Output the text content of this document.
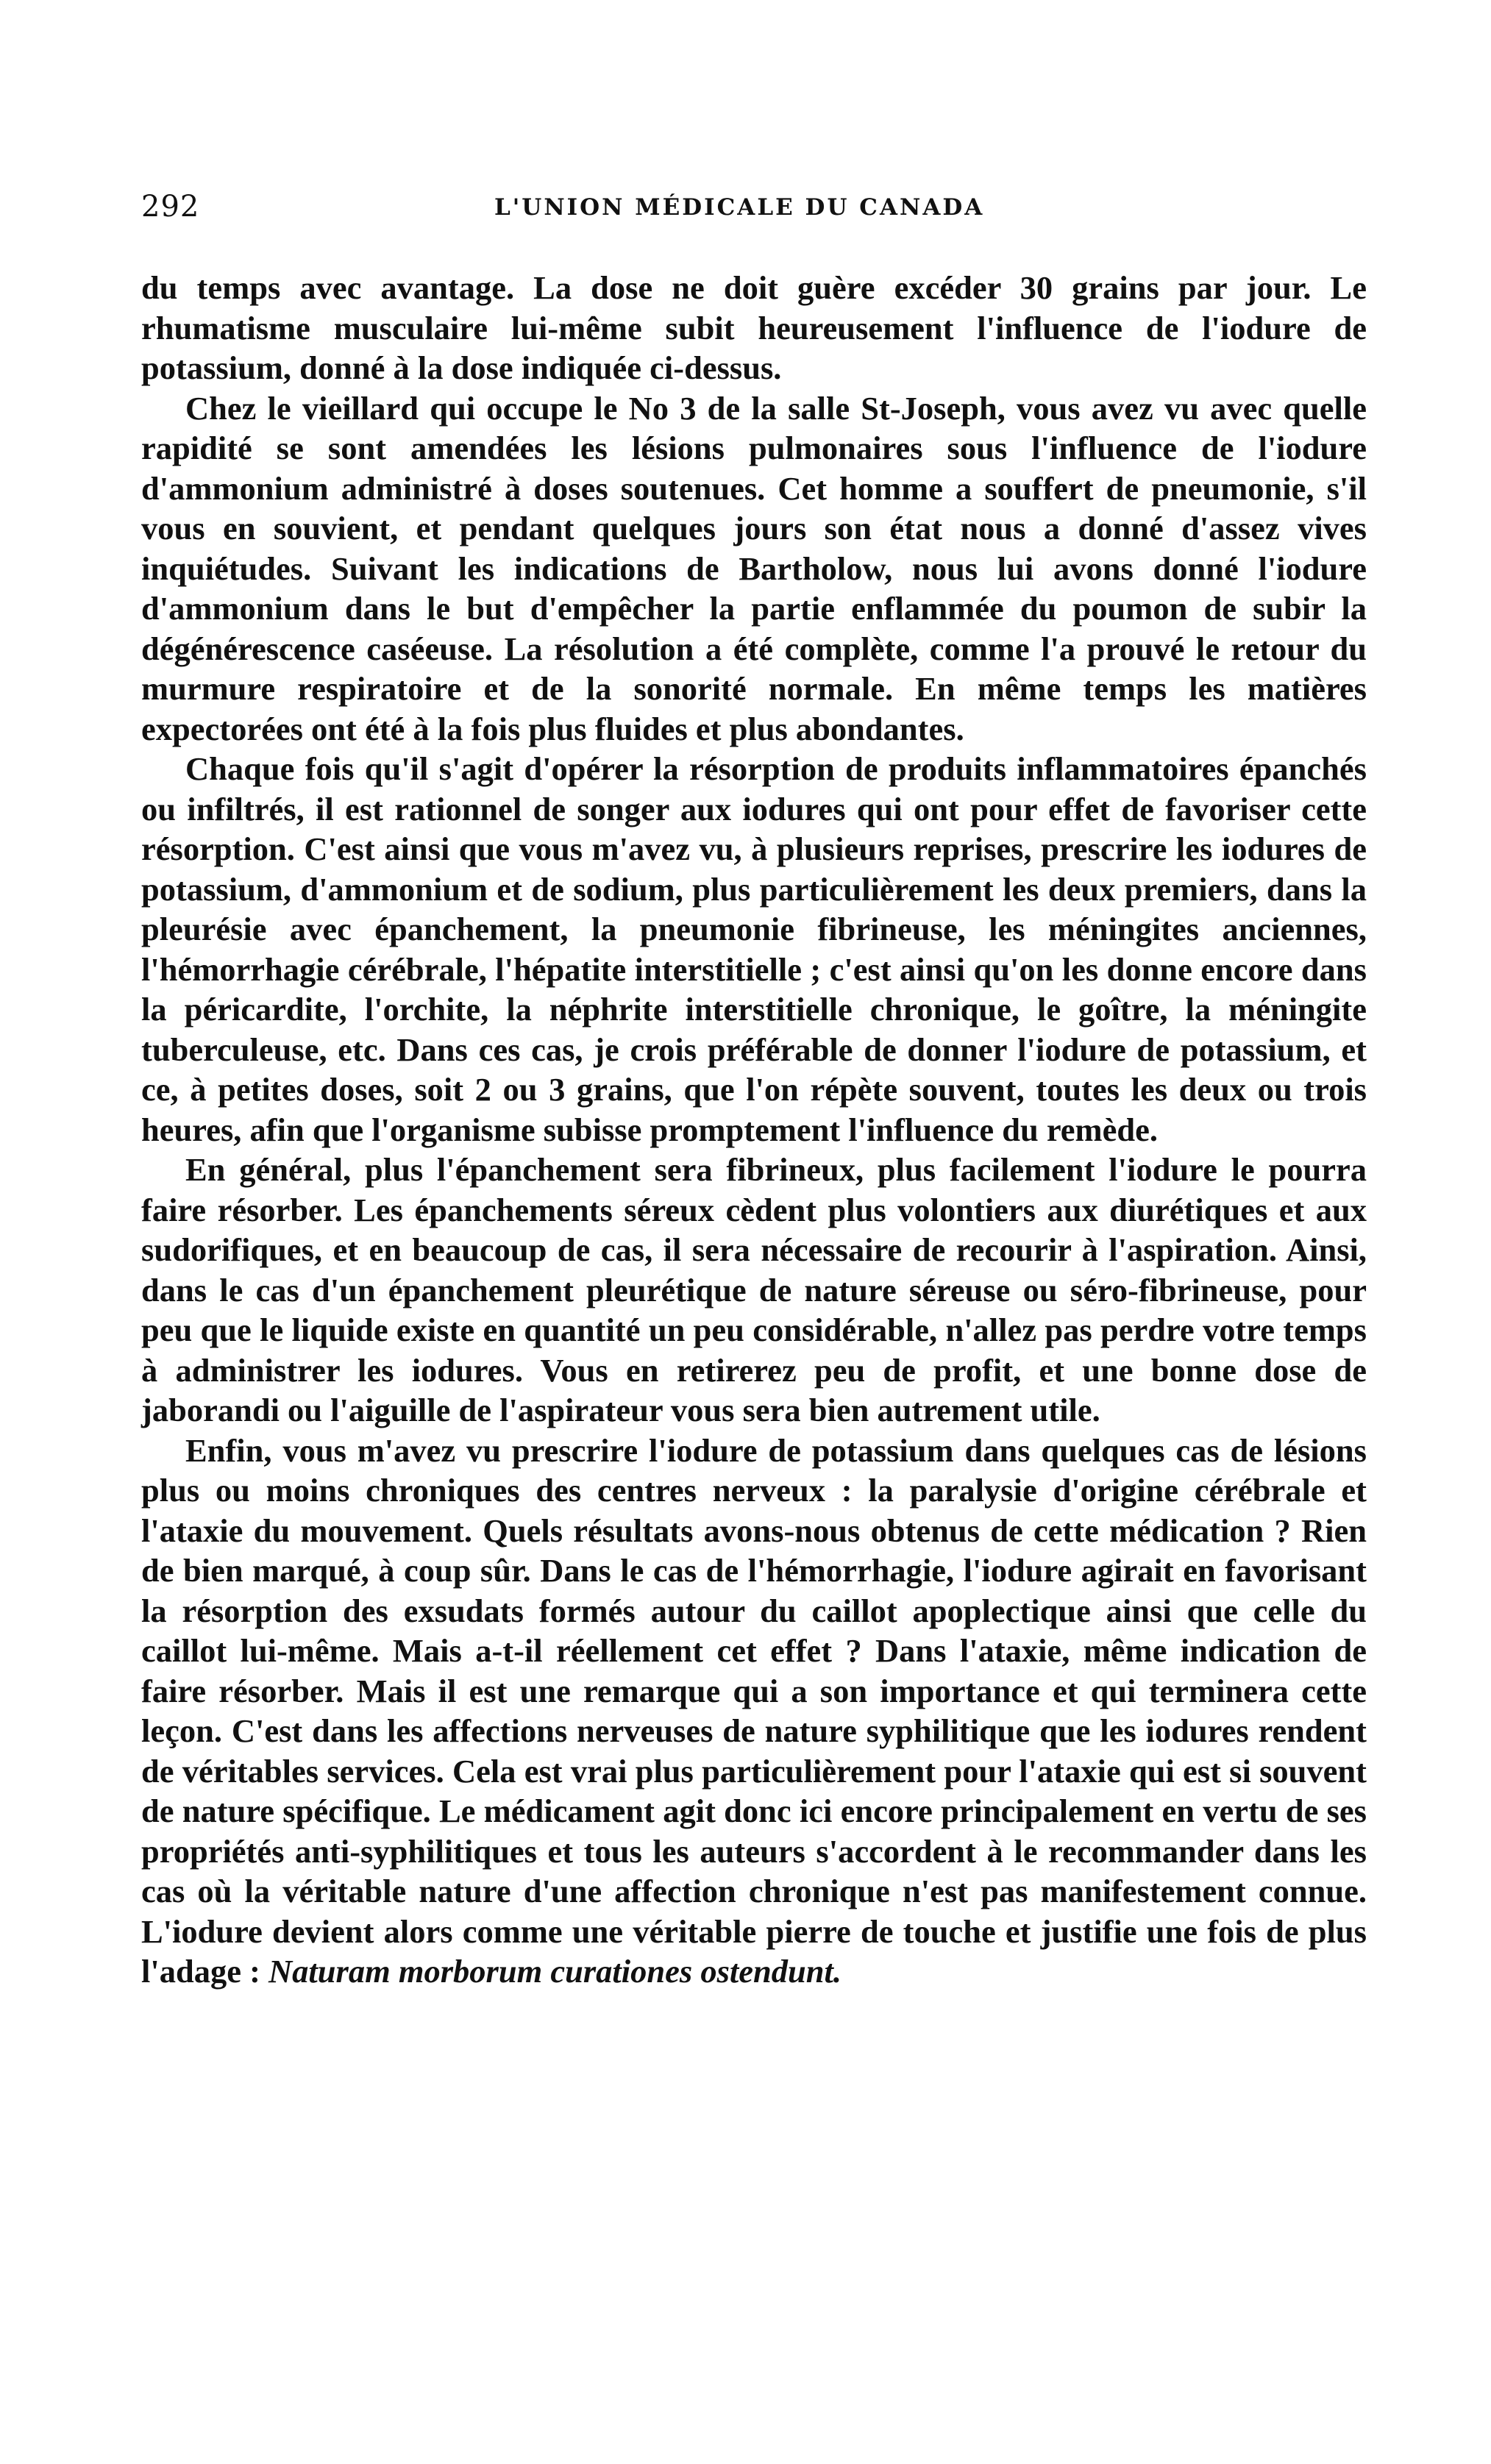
292	L'UNION MÉDICALE DU CANADA

du temps avec avantage. La dose ne doit guère excéder 30 grains par jour. Le rhumatisme musculaire lui-même subit heureusement l'influence de l'iodure de potassium, donné à la dose indiquée ci-dessus.

Chez le vieillard qui occupe le No 3 de la salle St-Joseph, vous avez vu avec quelle rapidité se sont amendées les lésions pulmonaires sous l'influence de l'iodure d'ammonium administré à doses soutenues. Cet homme a souffert de pneumonie, s'il vous en souvient, et pendant quelques jours son état nous a donné d'assez vives inquiétudes. Suivant les indications de Bartholow, nous lui avons donné l'iodure d'ammonium dans le but d'empêcher la partie enflammée du poumon de subir la dégénérescence caséeuse. La résolution a été complète, comme l'a prouvé le retour du murmure respiratoire et de la sonorité normale. En même temps les matières expectorées ont été à la fois plus fluides et plus abondantes.

Chaque fois qu'il s'agit d'opérer la résorption de produits inflammatoires épanchés ou infiltrés, il est rationnel de songer aux iodures qui ont pour effet de favoriser cette résorption. C'est ainsi que vous m'avez vu, à plusieurs reprises, prescrire les iodures de potassium, d'ammonium et de sodium, plus particulièrement les deux premiers, dans la pleurésie avec épanchement, la pneumonie fibrineuse, les méningites anciennes, l'hémorrhagie cérébrale, l'hépatite interstitielle ; c'est ainsi qu'on les donne encore dans la péricardite, l'orchite, la néphrite interstitielle chronique, le goître, la méningite tuberculeuse, etc. Dans ces cas, je crois préférable de donner l'iodure de potassium, et ce, à petites doses, soit 2 ou 3 grains, que l'on répète souvent, toutes les deux ou trois heures, afin que l'organisme subisse promptement l'influence du remède.

En général, plus l'épanchement sera fibrineux, plus facilement l'iodure le pourra faire résorber. Les épanchements séreux cèdent plus volontiers aux diurétiques et aux sudorifiques, et en beaucoup de cas, il sera nécessaire de recourir à l'aspiration. Ainsi, dans le cas d'un épanchement pleurétique de nature séreuse ou séro-fibrineuse, pour peu que le liquide existe en quantité un peu considérable, n'allez pas perdre votre temps à administrer les iodures. Vous en retirerez peu de profit, et une bonne dose de jaborandi ou l'aiguille de l'aspirateur vous sera bien autrement utile.

Enfin, vous m'avez vu prescrire l'iodure de potassium dans quelques cas de lésions plus ou moins chroniques des centres nerveux : la paralysie d'origine cérébrale et l'ataxie du mouvement. Quels résultats avons-nous obtenus de cette médication ? Rien de bien marqué, à coup sûr. Dans le cas de l'hémorrhagie, l'iodure agirait en favorisant la résorption des exsudats formés autour du caillot apoplectique ainsi que celle du caillot lui-même. Mais a-t-il réellement cet effet ? Dans l'ataxie, même indication de faire résorber. Mais il est une remarque qui a son importance et qui terminera cette leçon. C'est dans les affections nerveuses de nature syphilitique que les iodures rendent de véritables services. Cela est vrai plus particulièrement pour l'ataxie qui est si souvent de nature spécifique. Le médicament agit donc ici encore principalement en vertu de ses propriétés anti-syphilitiques et tous les auteurs s'accordent à le recommander dans les cas où la véritable nature d'une affection chronique n'est pas manifestement connue. L'iodure devient alors comme une véritable pierre de touche et justifie une fois de plus l'adage : Naturam morborum curationes ostendunt.
